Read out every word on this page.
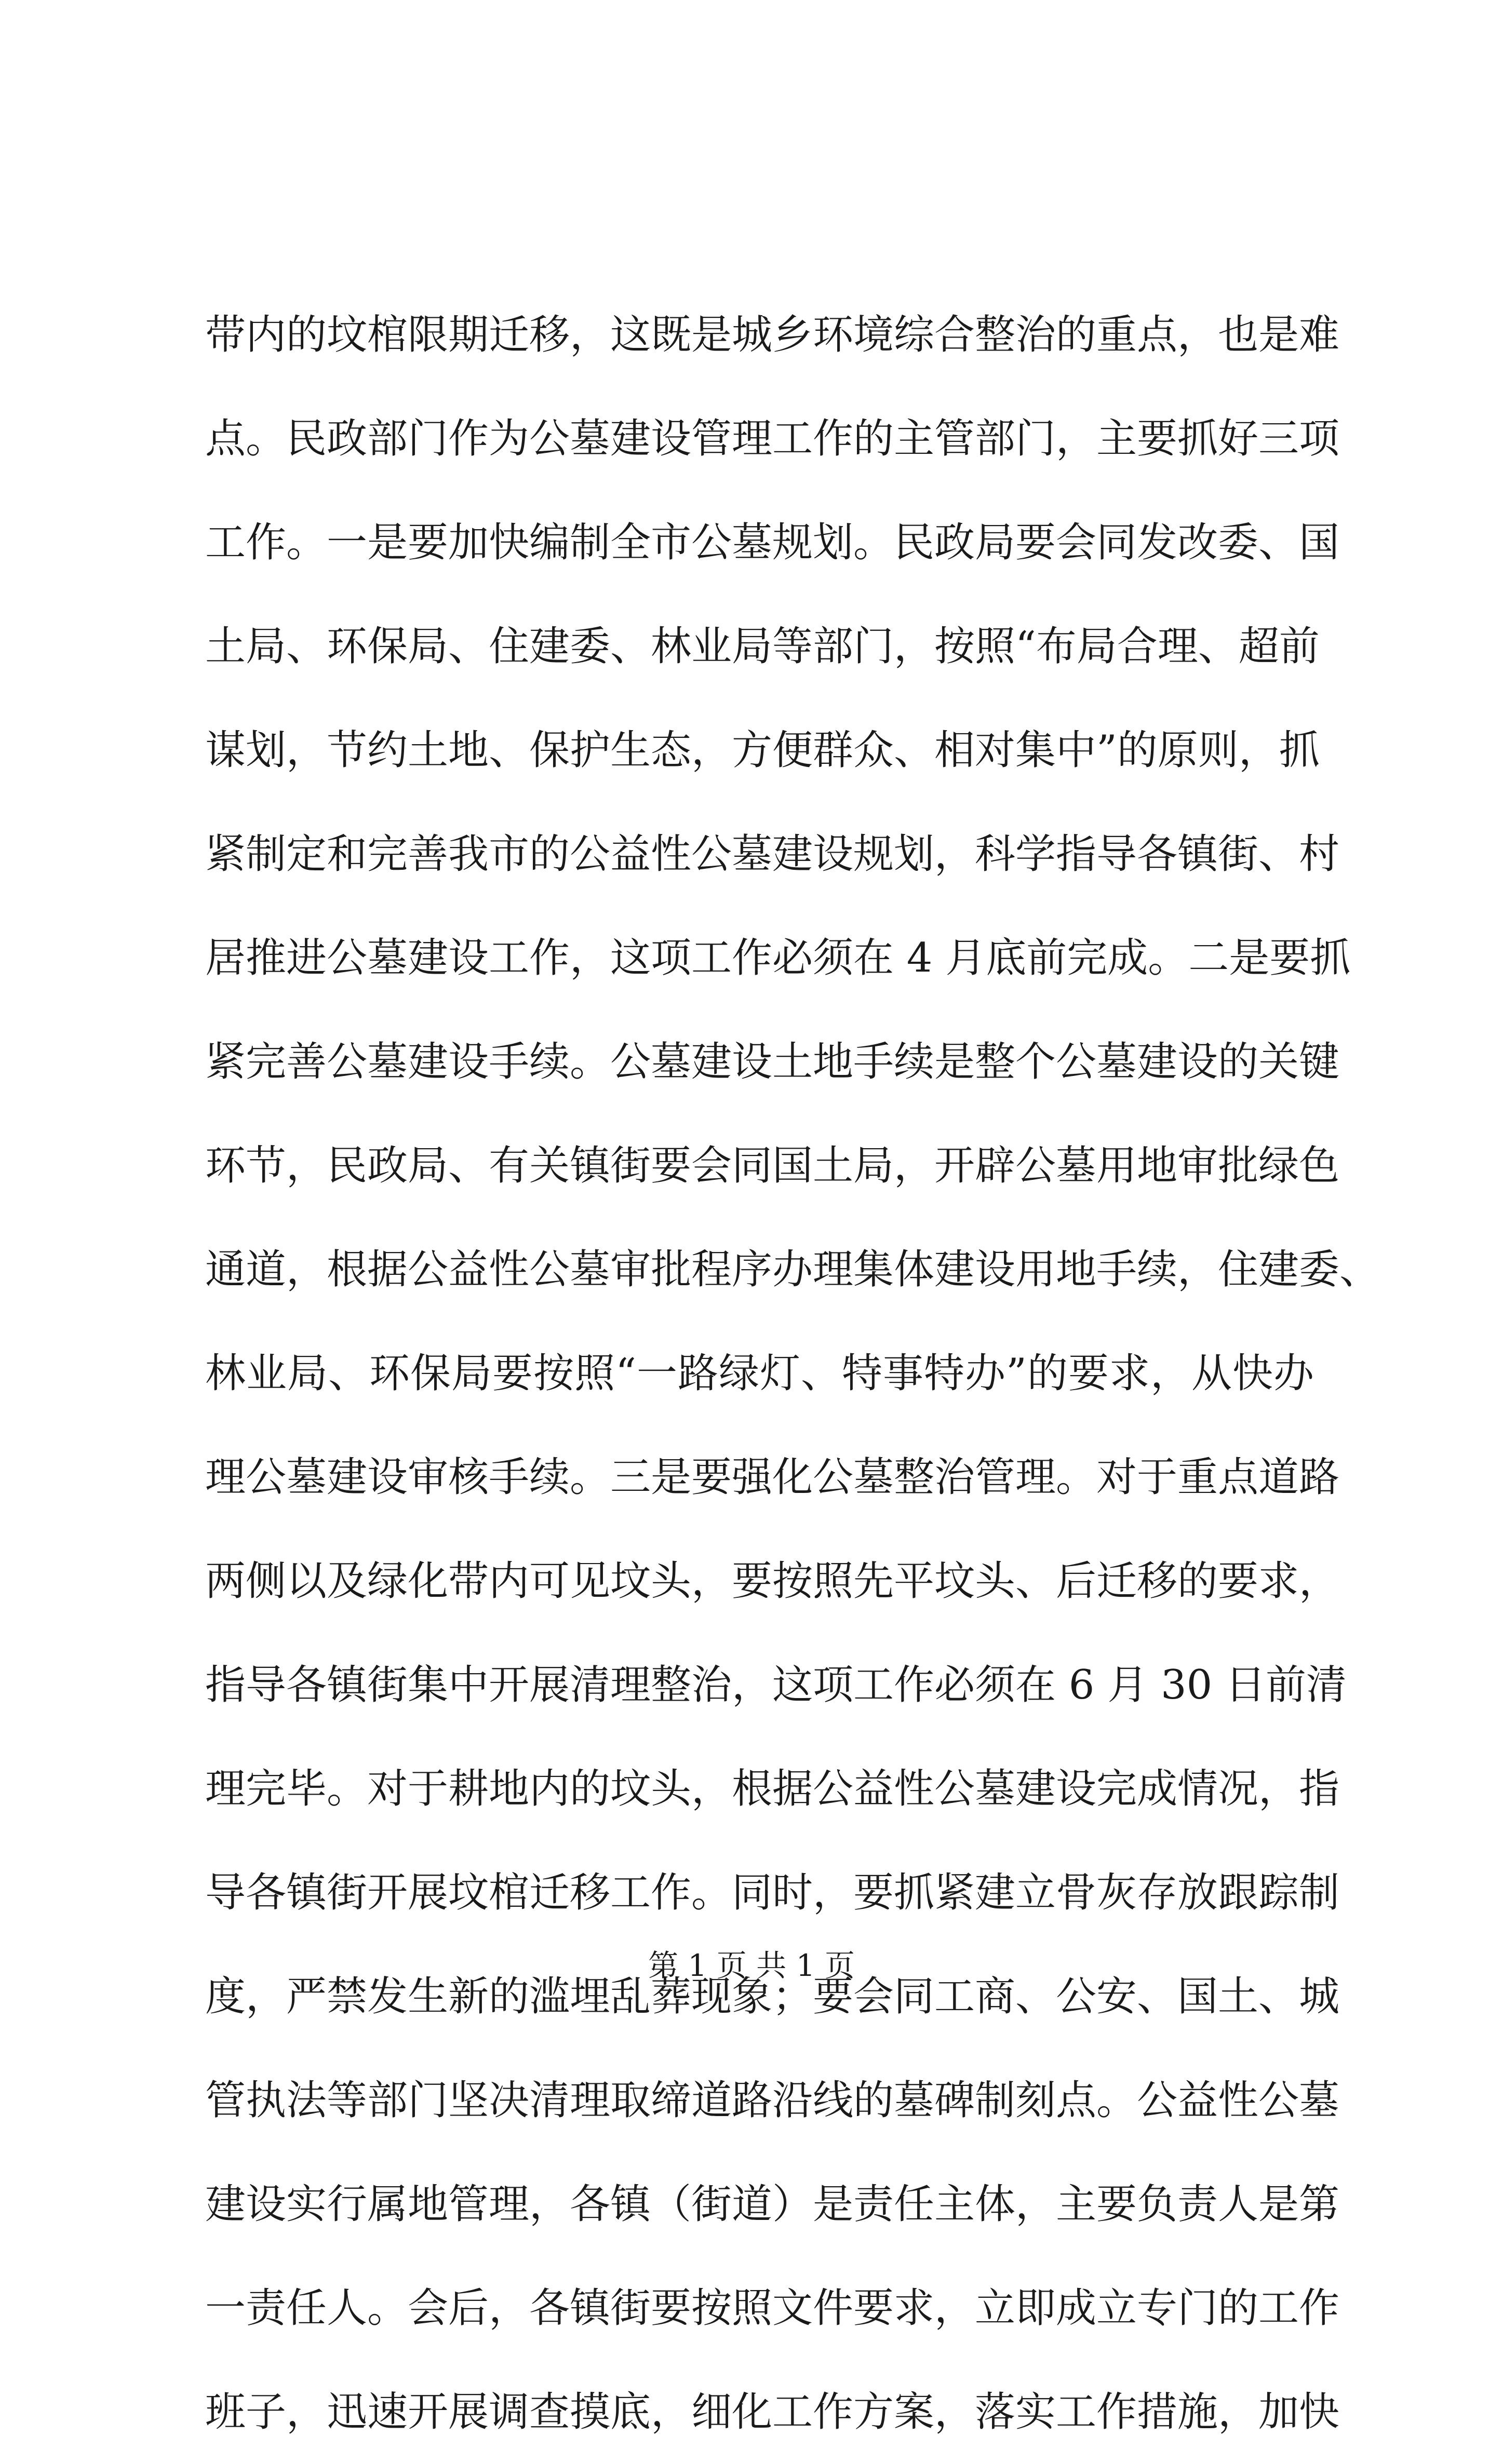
带内的坟棺限期迁移，这既是城乡环境综合整治的重点，也是难
点。民政部门作为公墓建设管理工作的主管部门，主要抓好三项
工作。一是要加快编制全市公墓规划。民政局要会同发改委、国
土局、环保局、住建委、林业局等部门，按照“布局合理、超前
谋划，节约土地、保护生态，方便群众、相对集中”的原则，抓
紧制定和完善我市的公益性公墓建设规划，科学指导各镇街、村
居推进公墓建设工作，这项工作必须在 4 月底前完成。二是要抓
紧完善公墓建设手续。公墓建设土地手续是整个公墓建设的关键
环节，民政局、有关镇街要会同国土局，开辟公墓用地审批绿色
通道，根据公益性公墓审批程序办理集体建设用地手续，住建委、
林业局、环保局要按照“一路绿灯、特事特办”的要求，从快办
理公墓建设审核手续。三是要强化公墓整治管理。对于重点道路
两侧以及绿化带内可见坟头，要按照先平坟头、后迁移的要求，
指导各镇街集中开展清理整治，这项工作必须在 6 月 30 日前清
理完毕。对于耕地内的坟头，根据公益性公墓建设完成情况，指
导各镇街开展坟棺迁移工作。同时，要抓紧建立骨灰存放跟踪制
度，严禁发生新的滥埋乱葬现象；要会同工商、公安、国土、城
管执法等部门坚决清理取缔道路沿线的墓碑制刻点。公益性公墓
建设实行属地管理，各镇（街道）是责任主体，主要负责人是第
一责任人。会后，各镇街要按照文件要求，立即成立专门的工作
班子，迅速开展调查摸底，细化工作方案，落实工作措施，加快
第 1 页 共 1 页
